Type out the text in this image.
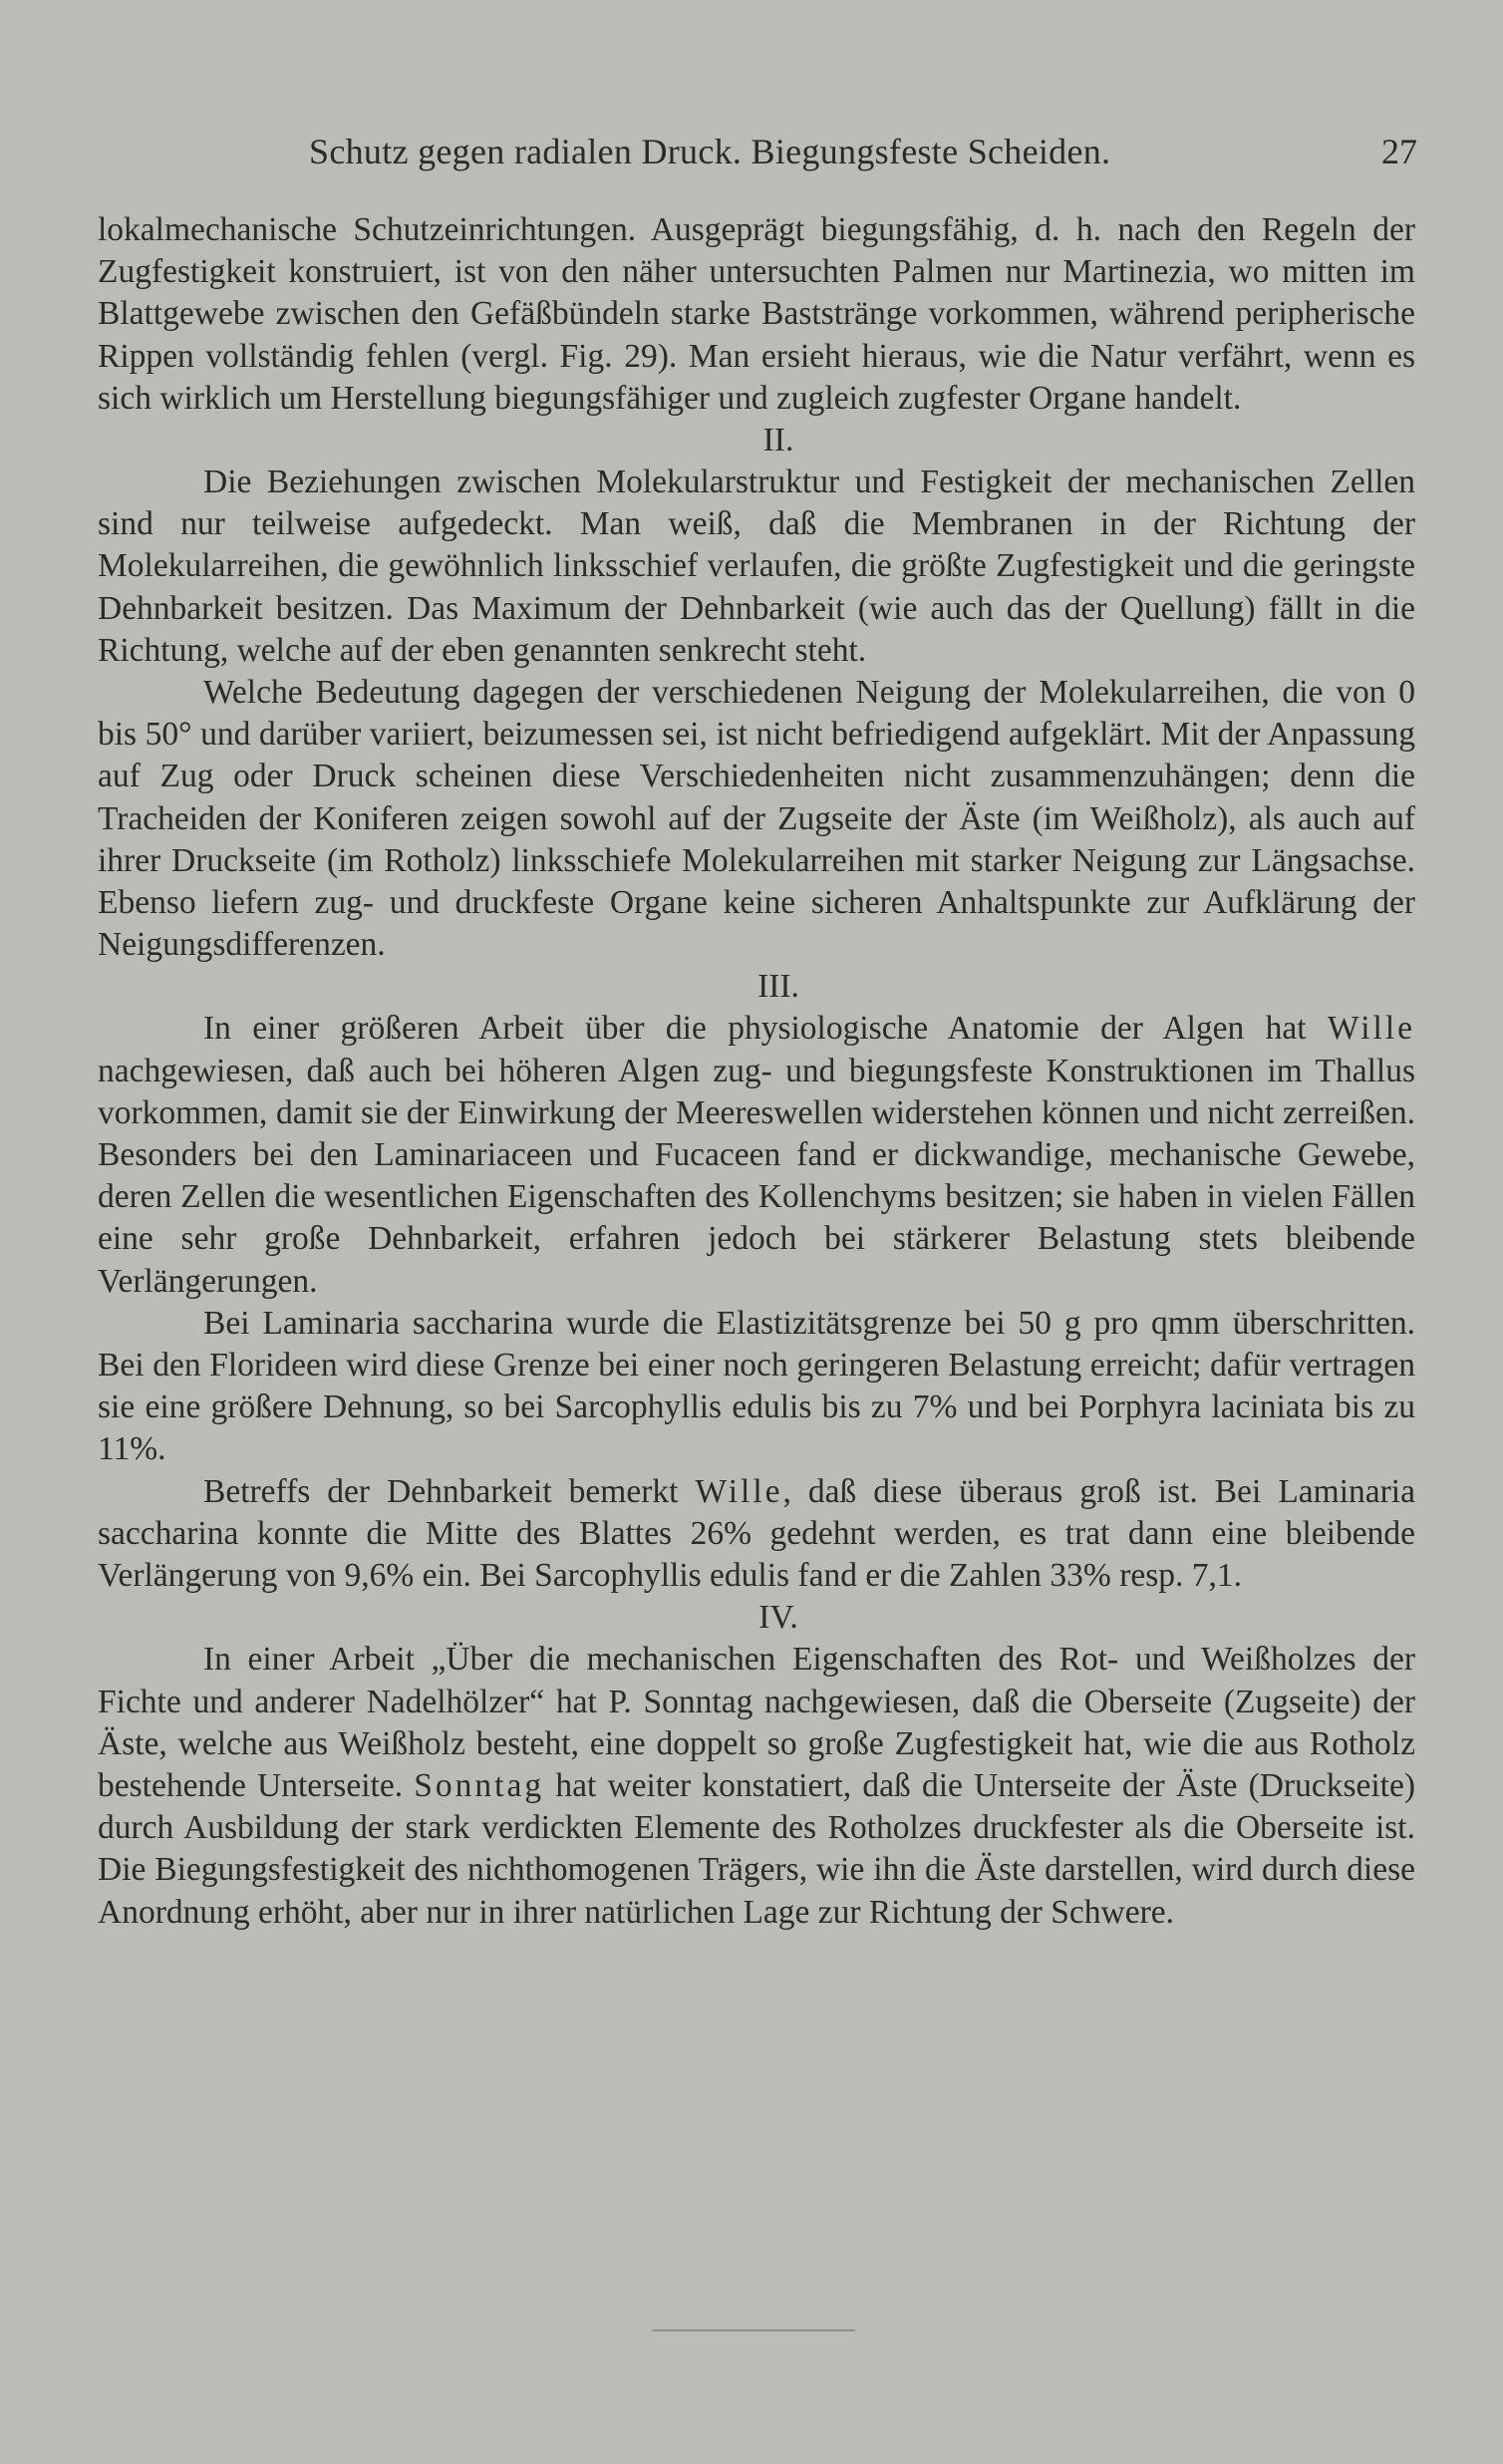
Schutz gegen radialen Druck. Biegungsfeste Scheiden.	27

lokalmechanische Schutzeinrichtungen. Ausgeprägt biegungsfähig, d. h. nach den Regeln der Zugfestigkeit konstruiert, ist von den näher untersuchten Palmen nur Martinezia, wo mitten im Blattgewebe zwischen den Gefäßbündeln starke Baststränge vorkommen, während peripherische Rippen vollständig fehlen (vergl. Fig. 29). Man ersieht hieraus, wie die Natur verfährt, wenn es sich wirklich um Herstellung biegungsfähiger und zugleich zugfester Organe handelt.

II.

Die Beziehungen zwischen Molekularstruktur und Festigkeit der mechanischen Zellen sind nur teilweise aufgedeckt. Man weiß, daß die Membranen in der Richtung der Molekularreihen, die gewöhnlich linksschief verlaufen, die größte Zugfestigkeit und die geringste Dehnbarkeit besitzen. Das Maximum der Dehnbarkeit (wie auch das der Quellung) fällt in die Richtung, welche auf der eben genannten senkrecht steht.

Welche Bedeutung dagegen der verschiedenen Neigung der Molekularreihen, die von 0 bis 50° und darüber variiert, beizumessen sei, ist nicht befriedigend aufgeklärt. Mit der Anpassung auf Zug oder Druck scheinen diese Verschiedenheiten nicht zusammenzuhängen; denn die Tracheiden der Koniferen zeigen sowohl auf der Zugseite der Äste (im Weißholz), als auch auf ihrer Druckseite (im Rotholz) linksschiefe Molekularreihen mit starker Neigung zur Längsachse. Ebenso liefern zug- und druckfeste Organe keine sicheren Anhaltspunkte zur Aufklärung der Neigungsdifferenzen.

III.

In einer größeren Arbeit über die physiologische Anatomie der Algen hat Wille nachgewiesen, daß auch bei höheren Algen zug- und biegungsfeste Konstruktionen im Thallus vorkommen, damit sie der Einwirkung der Meereswellen widerstehen können und nicht zerreißen. Besonders bei den Laminariaceen und Fucaceen fand er dickwandige, mechanische Gewebe, deren Zellen die wesentlichen Eigenschaften des Kollenchyms besitzen; sie haben in vielen Fällen eine sehr große Dehnbarkeit, erfahren jedoch bei stärkerer Belastung stets bleibende Verlängerungen.

Bei Laminaria saccharina wurde die Elastizitätsgrenze bei 50 g pro qmm überschritten. Bei den Florideen wird diese Grenze bei einer noch geringeren Belastung erreicht; dafür vertragen sie eine größere Dehnung, so bei Sarcophyllis edulis bis zu 7% und bei Porphyra laciniata bis zu 11%.

Betreffs der Dehnbarkeit bemerkt Wille, daß diese überaus groß ist. Bei Laminaria saccharina konnte die Mitte des Blattes 26% gedehnt werden, es trat dann eine bleibende Verlängerung von 9,6% ein. Bei Sarcophyllis edulis fand er die Zahlen 33% resp. 7,1.

IV.

In einer Arbeit „Über die mechanischen Eigenschaften des Rot- und Weißholzes der Fichte und anderer Nadelhölzer“ hat P. Sonntag nachgewiesen, daß die Oberseite (Zugseite) der Äste, welche aus Weißholz besteht, eine doppelt so große Zugfestigkeit hat, wie die aus Rotholz bestehende Unterseite. Sonntag hat weiter konstatiert, daß die Unterseite der Äste (Druckseite) durch Ausbildung der stark verdickten Elemente des Rotholzes druckfester als die Oberseite ist. Die Biegungsfestigkeit des nichthomogenen Trägers, wie ihn die Äste darstellen, wird durch diese Anordnung erhöht, aber nur in ihrer natürlichen Lage zur Richtung der Schwere.
